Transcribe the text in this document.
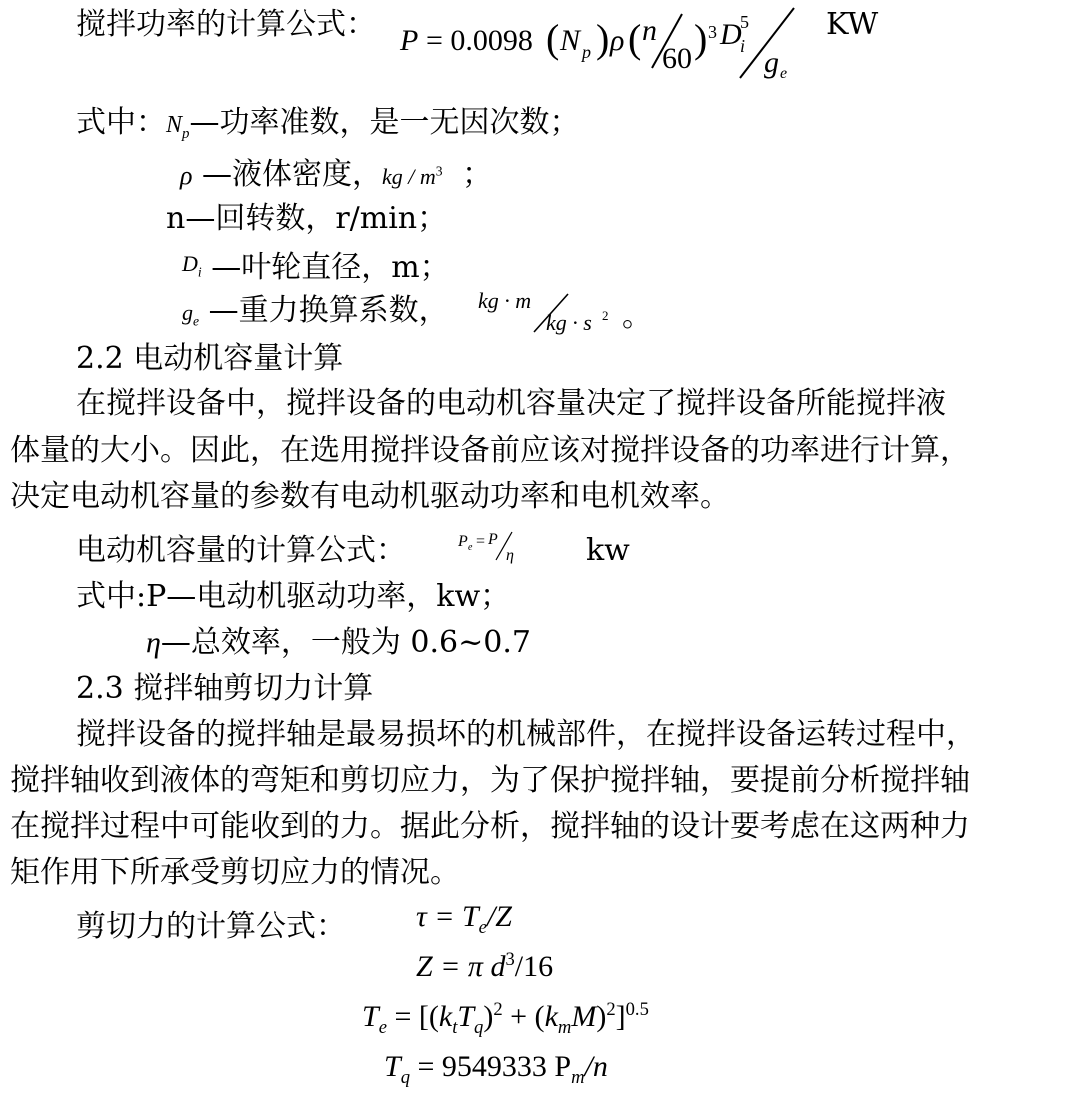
搅拌功率的计算公式： P = 0.0098 ( N p ) ρ ( n
60 ) 3 D
5
i g e
KW
式中：$N_p—$功率准数，是一无因次数；
ρ —液体密度，kg / $m^3$ ；
n—回转数，r/min；
$^{D_i}$ —叶轮直径，m；
$g_e$ —重力换算系数， kg · m
kg · s 2 。
2.2 电动机容量计算
在搅拌设备中，搅拌设备的电动机容量决定了搅拌设备所能搅拌液
体量的大小。因此，在选用搅拌设备前应该对搅拌设备的功率进行计算，
决定电动机容量的参数有电动机驱动功率和电机效率。
电动机容量的计算公式：	P e = P
η kw
式中:P—电动机驱动功率，kw；
η—总效率，一般为 0.6~0.7
2.3 搅拌轴剪切力计算
搅拌设备的搅拌轴是最易损坏的机械部件，在搅拌设备运转过程中，
搅拌轴收到液体的弯矩和剪切应力，为了保护搅拌轴，要提前分析搅拌轴
在搅拌过程中可能收到的力。据此分析，搅拌轴的设计要考虑在这两种力
矩作用下所承受剪切应力的情况。
剪切力的计算公式： $\tau = T_e/Z$
Z = π $d^3/16$
$T_e = [(k_tT_q)^2 + (k_mM)^2]^{0.5}$
$T_q = 9549333$ $P_m/n$
